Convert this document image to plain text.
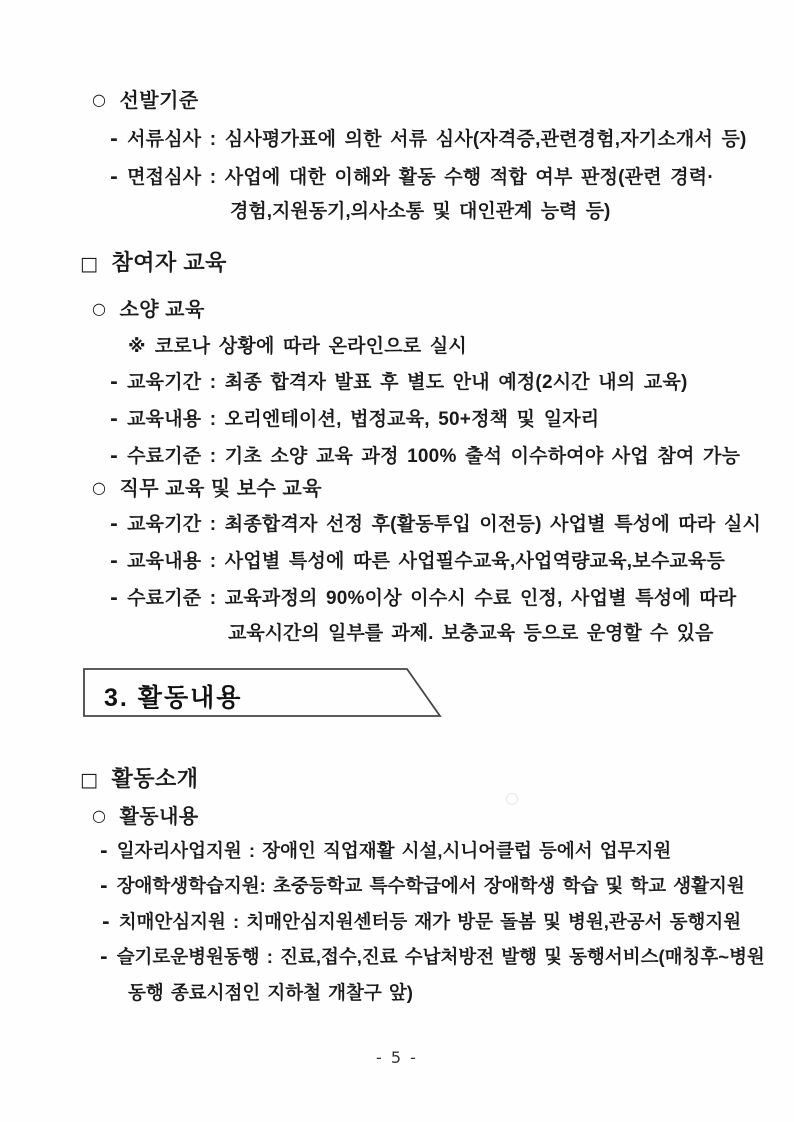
○ 선발기준
- 서류심사 : 심사평가표에 의한 서류 심사(자격증,관련경험,자기소개서 등)
- 면접심사 : 사업에 대한 이해와 활동 수행 적합 여부 판정(관련 경력·
경험,지원동기,의사소통 및 대인관계 능력 등)
□ 참여자 교육
○ 소양 교육
※ 코로나 상황에 따라 온라인으로 실시
- 교육기간 : 최종 합격자 발표 후 별도 안내 예정(2시간 내의 교육)
- 교육내용 : 오리엔테이션, 법정교육, 50+정책 및 일자리
- 수료기준 : 기초 소양 교육 과정 100% 출석 이수하여야 사업 참여 가능
○ 직무 교육 및 보수 교육
- 교육기간 : 최종합격자 선정 후(활동투입 이전등) 사업별 특성에 따라 실시
- 교육내용 : 사업별 특성에 따른 사업필수교육,사업역량교육,보수교육등
- 수료기준 : 교육과정의 90%이상 이수시 수료 인정, 사업별 특성에 따라
교육시간의 일부를 과제. 보충교육 등으로 운영할 수 있음
3. 활동내용
□ 활동소개
○ 활동내용
- 일자리사업지원 : 장애인 직업재활 시설,시니어클럽 등에서 업무지원
- 장애학생학습지원: 초중등학교 특수학급에서 장애학생 학습 및 학교 생활지원
- 치매안심지원 : 치매안심지원센터등 재가 방문 돌봄 및 병원,관공서 동행지원
- 슬기로운병원동행 : 진료,접수,진료 수납처방전 발행 및 동행서비스(매칭후~병원
동행 종료시점인 지하철 개찰구 앞)
- 5 -
